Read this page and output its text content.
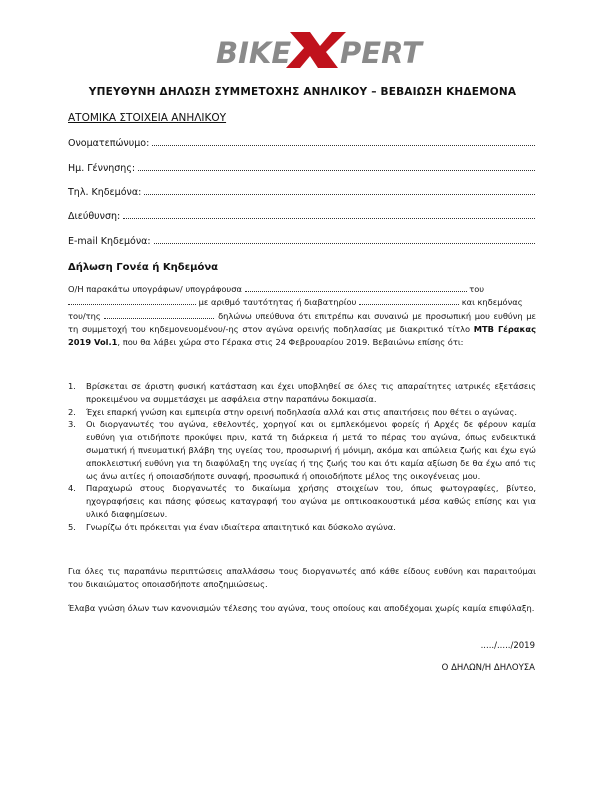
BIKE PERT
ΥΠΕΥΘΥΝΗ ΔΗΛΩΣΗ ΣΥΜΜΕΤΟΧΗΣ ΑΝΗΛΙΚΟΥ – ΒΕΒΑΙΩΣΗ ΚΗΔΕΜΟΝΑ
ΑΤΟΜΙΚΑ ΣΤΟΙΧΕΙΑ ΑΝΗΛΙΚΟΥ
Ονοματεπώνυμο:
Ημ. Γέννησης:
Τηλ. Κηδεμόνα:
Διεύθυνση:
E-mail Κηδεμόνα:
Δήλωση Γονέα ή Κηδεμόνα

Ο/Η παρακάτω υπογράφων/ υπογράφουσα	του
με αριθμό ταυτότητας ή διαβατηρίου	και κηδεμόνας
του/της	δηλώνω υπεύθυνα ότι επιτρέπω και συναινώ με προσωπική μου ευθύνη με τη συμμετοχή του κηδεμονευομένου/-ης στον αγώνα ορεινής ποδηλασίας με διακριτικό τίτλο MTB Γέρακας 2019 Vol.1, που θα λάβει χώρα στο Γέρακα στις 24 Φεβρουαρίου 2019. Βεβαιώνω επίσης ότι:

1.	Βρίσκεται σε άριστη φυσική κατάσταση και έχει υποβληθεί σε όλες τις απαραίτητες ιατρικές εξετάσεις προκειμένου να συμμετάσχει με ασφάλεια στην παραπάνω δοκιμασία.
2.	Έχει επαρκή γνώση και εμπειρία στην ορεινή ποδηλασία αλλά και στις απαιτήσεις που θέτει ο αγώνας.
3.	Οι διοργανωτές του αγώνα, εθελοντές, χορηγοί και οι εμπλεκόμενοι φορείς ή Αρχές δε φέρουν καμία ευθύνη για οτιδήποτε προκύψει πριν, κατά τη διάρκεια ή μετά το πέρας του αγώνα, όπως ενδεικτικά σωματική ή πνευματική βλάβη της υγείας του, προσωρινή ή μόνιμη, ακόμα και απώλεια ζωής και έχω εγώ αποκλειστική ευθύνη για τη διαφύλαξη της υγείας ή της ζωής του και ότι καμία αξίωση δε θα έχω από τις ως άνω αιτίες ή οποιασδήποτε συναφή, προσωπικά ή οποιοδήποτε μέλος της οικογένειας μου.
4.	Παραχωρώ στους διοργανωτές το δικαίωμα χρήσης στοιχείων του, όπως φωτογραφίες, βίντεο, ηχογραφήσεις και πάσης φύσεως καταγραφή του αγώνα με οπτικοακουστικά μέσα καθώς επίσης και για υλικό διαφημίσεων.
5.	Γνωρίζω ότι πρόκειται για έναν ιδιαίτερα απαιτητικό και δύσκολο αγώνα.

Για όλες τις παραπάνω περιπτώσεις απαλλάσσω τους διοργανωτές από κάθε είδους ευθύνη και παραιτούμαι του δικαιώματος οποιασδήποτε αποζημιώσεως.

Έλαβα γνώση όλων των κανονισμών τέλεσης του αγώνα, τους οποίους και αποδέχομαι χωρίς καμία επιφύλαξη.

...../...../2019
Ο ΔΗΛΩΝ/Η ΔΗΛΟΥΣΑ
